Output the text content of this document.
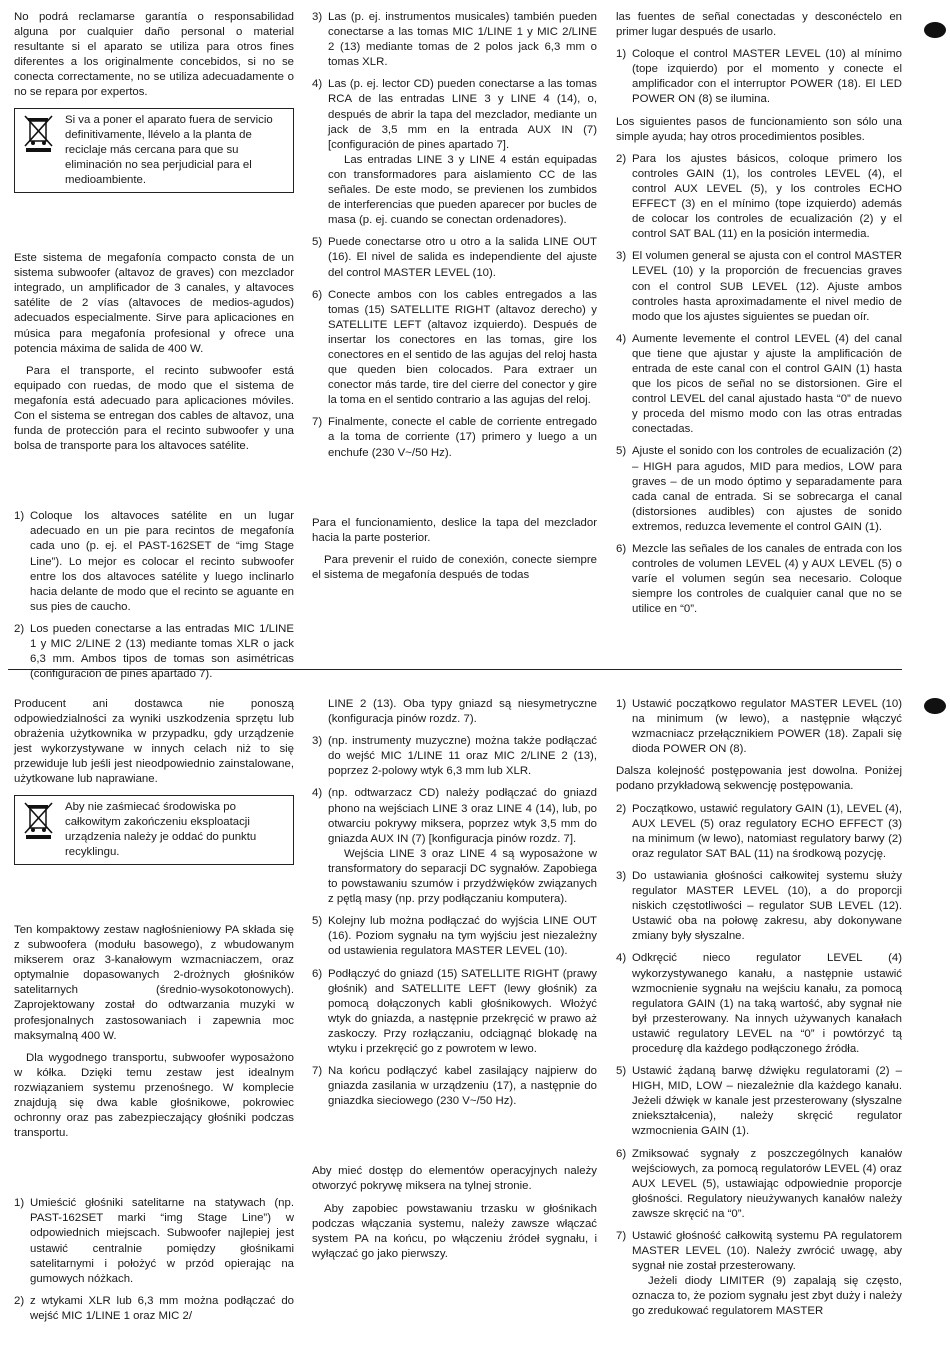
No podrá reclamarse garantía o responsabilidad alguna por cualquier daño personal o material resultante si el aparato se utiliza para otros fines diferentes a los originalmente concebidos, si no se conecta correctamente, no se utiliza adecuadamente o no se repara por expertos.

Si va a poner el aparato fuera de servicio definitivamente, llévelo a la planta de reciclaje más cercana para que su eliminación no sea perjudicial para el medioambiente.

Este sistema de megafonía compacto consta de un sistema subwoofer (altavoz de graves) con mezclador integrado, un amplificador de 3 canales, y altavoces satélite de 2 vías (altavoces de medios-agudos) adecuados especialmente. Sirve para aplicaciones en música para megafonía profesional y ofrece una potencia máxima de salida de 400 W.

Para el transporte, el recinto subwoofer está equipado con ruedas, de modo que el sistema de megafonía está adecuado para aplicaciones móviles. Con el sistema se entregan dos cables de altavoz, una funda de protección para el recinto subwoofer y una bolsa de transporte para los altavoces satélite.

1) Coloque los altavoces satélite en un lugar adecuado en un pie para recintos de megafonía cada uno (p. ej. el PAST-162SET de “img Stage Line”). Lo mejor es colocar el recinto subwoofer entre los dos altavoces satélite y luego inclinarlo hacia delante de modo que el recinto se aguante en sus pies de caucho.
2) Los pueden conectarse a las entradas MIC 1/LINE 1 y MIC 2/LINE 2 (13) mediante tomas XLR o jack 6,3 mm. Ambos tipos de tomas son asimétricas (configuración de pines apartado 7).
3) Las (p. ej. instrumentos musicales) también pueden conectarse a las tomas MIC 1/LINE 1 y MIC 2/LINE 2 (13) mediante tomas de 2 polos jack 6,3 mm o tomas XLR.
4) Las (p. ej. lector CD) pueden conectarse a las tomas RCA de las entradas LINE 3 y LINE 4 (14), o, después de abrir la tapa del mezclador, mediante un jack de 3,5 mm en la entrada AUX IN (7) [configuración de pines apartado 7].

Las entradas LINE 3 y LINE 4 están equipadas con transformadores para aislamiento CC de las señales. De este modo, se previenen los zumbidos de interferencias que pueden aparecer por bucles de masa (p. ej. cuando se conectan ordenadores).
5) Puede conectarse otro u otro a la salida LINE OUT (16). El nivel de salida es independiente del ajuste del control MASTER LEVEL (10).
6) Conecte ambos con los cables entregados a las tomas (15) SATELLITE RIGHT (altavoz derecho) y SATELLITE LEFT (altavoz izquierdo). Después de insertar los conectores en las tomas, gire los conectores en el sentido de las agujas del reloj hasta que queden bien colocados. Para extraer un conector más tarde, tire del cierre del conector y gire la toma en el sentido contrario a las agujas del reloj.
7) Finalmente, conecte el cable de corriente entregado a la toma de corriente (17) primero y luego a un enchufe (230 V~/50 Hz).

Para el funcionamiento, deslice la tapa del mezclador hacia la parte posterior.

Para prevenir el ruido de conexión, conecte siempre el sistema de megafonía después de todas

las fuentes de señal conectadas y desconéctelo en primer lugar después de usarlo.

1) Coloque el control MASTER LEVEL (10) al mínimo (tope izquierdo) por el momento y conecte el amplificador con el interruptor POWER (18). El LED POWER ON (8) se ilumina.

Los siguientes pasos de funcionamiento son sólo una simple ayuda; hay otros procedimientos posibles.

2) Para los ajustes básicos, coloque primero los controles GAIN (1), los controles LEVEL (4), el control AUX LEVEL (5), y los controles ECHO EFFECT (3) en el mínimo (tope izquierdo) además de colocar los controles de ecualización (2) y el control SAT BAL (11) en la posición intermedia.
3) El volumen general se ajusta con el control MASTER LEVEL (10) y la proporción de frecuencias graves con el control SUB LEVEL (12). Ajuste ambos controles hasta aproximadamente el nivel medio de modo que los ajustes siguientes se puedan oír.
4) Aumente levemente el control LEVEL (4) del canal que tiene que ajustar y ajuste la amplificación de entrada de este canal con el control GAIN (1) hasta que los picos de señal no se distorsionen. Gire el control LEVEL del canal ajustado hasta “0” de nuevo y proceda del mismo modo con las otras entradas conectadas.
5) Ajuste el sonido con los controles de ecualización (2) – HIGH para agudos, MID para medios, LOW para graves – de un modo óptimo y separadamente para cada canal de entrada. Si se sobrecarga el canal (distorsiones audibles) con ajustes de sonido extremos, reduzca levemente el control GAIN (1).
6) Mezcle las señales de los canales de entrada con los controles de volumen LEVEL (4) y AUX LEVEL (5) o varíe el volumen según sea necesario. Coloque siempre los controles de cualquier canal que no se utilice en “0”.

Producent ani dostawca nie ponoszą odpowiedzialności za wyniki uszkodzenia sprzętu lub obrażenia użytkownika w przypadku, gdy urządzenie jest wykorzystywane w innych celach niż to się przewiduje lub jeśli jest nieodpowiednio zainstalowane, użytkowane lub naprawiane.

Aby nie zaśmiecać środowiska po całkowitym zakończeniu eksploatacji urządzenia należy je oddać do punktu recyklingu.

Ten kompaktowy zestaw nagłośnieniowy PA składa się z subwoofera (modułu basowego), z wbudowanym mikserem oraz 3-kanałowym wzmacniaczem, oraz optymalnie dopasowanych 2-drożnych głośników satelitarnych (średnio-wysokotonowych). Zaprojektowany został do odtwarzania muzyki w profesjonalnych zastosowaniach i zapewnia moc maksymalną 400 W.

Dla wygodnego transportu, subwoofer wyposażono w kółka. Dzięki temu zestaw jest idealnym rozwiązaniem systemu przenośnego. W komplecie znajdują się dwa kable głośnikowe, pokrowiec ochronny oraz pas zabezpieczający głośniki podczas transportu.

1) Umieścić głośniki satelitarne na statywach (np. PAST-162SET marki “img Stage Line”) w odpowiednich miejscach. Subwoofer najlepiej jest ustawić centralnie pomiędzy głośnikami satelitarnymi i położyć w przód opierając na gumowych nóżkach.
2) z wtykami XLR lub 6,3 mm można podłączać do wejść MIC 1/LINE 1 oraz MIC 2/

LINE 2 (13). Oba typy gniazd są niesymetryczne (konfiguracja pinów rozdz. 7).

3) (np. instrumenty muzyczne) można także podłączać do wejść MIC 1/LINE 11 oraz MIC 2/LINE 2 (13), poprzez 2-polowy wtyk 6,3 mm lub XLR.
4) (np. odtwarzacz CD) należy podłączać do gniazd phono na wejściach LINE 3 oraz LINE 4 (14), lub, po otwarciu pokrywy miksera, poprzez wtyk 3,5 mm do gniazda AUX IN (7) [konfiguracja pinów rozdz. 7].

Wejścia LINE 3 oraz LINE 4 są wyposażone w transformatory do separacji DC sygnałów. Zapobiega to powstawaniu szumów i przydźwięków związanych z pętlą masy (np. przy podłączaniu komputera).
5) Kolejny lub można podłączać do wyjścia LINE OUT (16). Poziom sygnału na tym wyjściu jest niezależny od ustawienia regulatora MASTER LEVEL (10).
6) Podłączyć do gniazd (15) SATELLITE RIGHT (prawy głośnik) and SATELLITE LEFT (lewy głośnik) za pomocą dołączonych kabli głośnikowych. Włożyć wtyk do gniazda, a następnie przekręcić w prawo aż zaskoczy. Przy rozłączaniu, odciągnąć blokadę na wtyku i przekręcić go z powrotem w lewo.
7) Na końcu podłączyć kabel zasilający najpierw do gniazda zasilania w urządzeniu (17), a następnie do gniazdka sieciowego (230 V~/50 Hz).

Aby mieć dostęp do elementów operacyjnych należy otworzyć pokrywę miksera na tylnej stronie.

Aby zapobiec powstawaniu trzasku w głośnikach podczas włączania systemu, należy zawsze włączać system PA na końcu, po włączeniu źródeł sygnału, i wyłączać go jako pierwszy.

1) Ustawić początkowo regulator MASTER LEVEL (10) na minimum (w lewo), a następnie włączyć wzmacniacz przełącznikiem POWER (18). Zapali się dioda POWER ON (8).

Dalsza kolejność postępowania jest dowolna. Poniżej podano przykładową sekwencję postępowania.

2) Początkowo, ustawić regulatory GAIN (1), LEVEL (4), AUX LEVEL (5) oraz regulatory ECHO EFFECT (3) na minimum (w lewo), natomiast regulatory barwy (2) oraz regulator SAT BAL (11) na środkową pozycję.
3) Do ustawiania głośności całkowitej systemu służy regulator MASTER LEVEL (10), a do proporcji niskich częstotliwości – regulator SUB LEVEL (12). Ustawić oba na połowę zakresu, aby dokonywane zmiany były słyszalne.
4) Odkręcić nieco regulator LEVEL (4) wykorzystywanego kanału, a następnie ustawić wzmocnienie sygnału na wejściu kanału, za pomocą regulatora GAIN (1) na taką wartość, aby sygnał nie był przesterowany. Na innych używanych kanałach ustawić regulatory LEVEL na “0” i powtórzyć tą procedurę dla każdego podłączonego źródła.
5) Ustawić żądaną barwę dźwięku regulatorami (2) – HIGH, MID, LOW – niezależnie dla każdego kanału. Jeżeli dźwięk w kanale jest przesterowany (słyszalne zniekształcenia), należy skręcić regulator wzmocnienia GAIN (1).
6) Zmiksować sygnały z poszczególnych kanałów wejściowych, za pomocą regulatorów LEVEL (4) oraz AUX LEVEL (5), ustawiając odpowiednie proporcje głośności. Regulatory nieużywanych kanałów należy zawsze skręcić na “0”.
7) Ustawić głośność całkowitą systemu PA regulatorem MASTER LEVEL (10). Należy zwrócić uwagę, aby sygnał nie został przesterowany.

Jeżeli diody LIMITER (9) zapalają się często, oznacza to, że poziom sygnału jest zbyt duży i należy go zredukować regulatorem MASTER
